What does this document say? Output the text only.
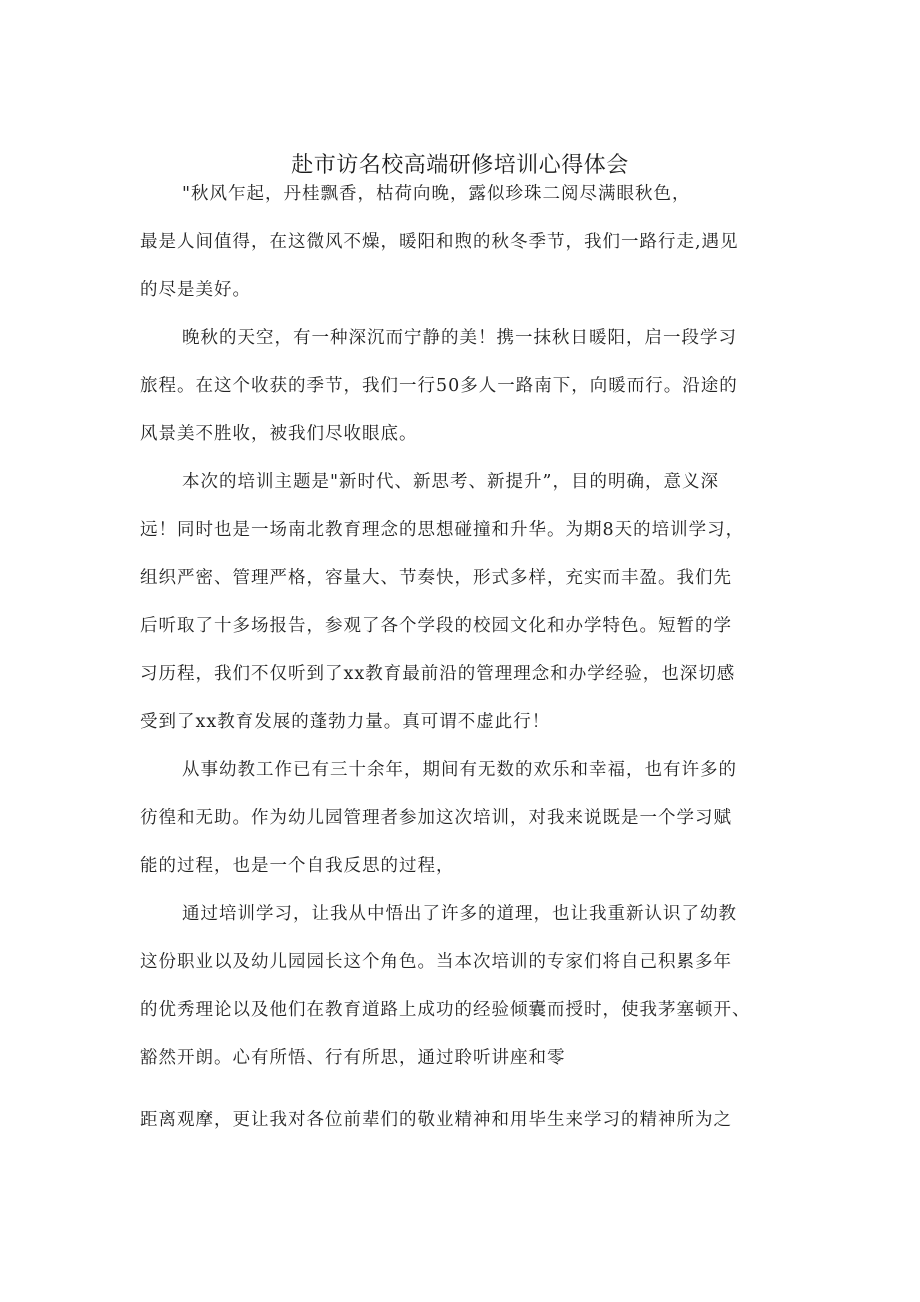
赴市访名校高端研修培训心得体会
"秋风乍起，丹桂飘香，枯荷向晚，露似珍珠二阅尽满眼秋色，
最是人间值得，在这微风不燥，暖阳和煦的秋冬季节，我们一路行走,遇见
的尽是美好。
晚秋的天空，有一种深沉而宁静的美！携一抹秋日暖阳，启一段学习
旅程。在这个收获的季节，我们一行50多人一路南下，向暖而行。沿途的
风景美不胜收，被我们尽收眼底。
本次的培训主题是"新时代、新思考、新提升”，目的明确，意义深
远！同时也是一场南北教育理念的思想碰撞和升华。为期8天的培训学习，
组织严密、管理严格，容量大、节奏快，形式多样，充实而丰盈。我们先
后听取了十多场报告，参观了各个学段的校园文化和办学特色。短暂的学
习历程，我们不仅听到了xx教育最前沿的管理理念和办学经验，也深切感
受到了xx教育发展的蓬勃力量。真可谓不虚此行！
从事幼教工作已有三十余年，期间有无数的欢乐和幸福，也有许多的
彷徨和无助。作为幼儿园管理者参加这次培训，对我来说既是一个学习赋
能的过程，也是一个自我反思的过程，
通过培训学习，让我从中悟出了许多的道理，也让我重新认识了幼教
这份职业以及幼儿园园长这个角色。当本次培训的专家们将自己积累多年
的优秀理论以及他们在教育道路上成功的经验倾囊而授时，使我茅塞顿开、
豁然开朗。心有所悟、行有所思，通过聆听讲座和零
距离观摩，更让我对各位前辈们的敬业精神和用毕生来学习的精神所为之
